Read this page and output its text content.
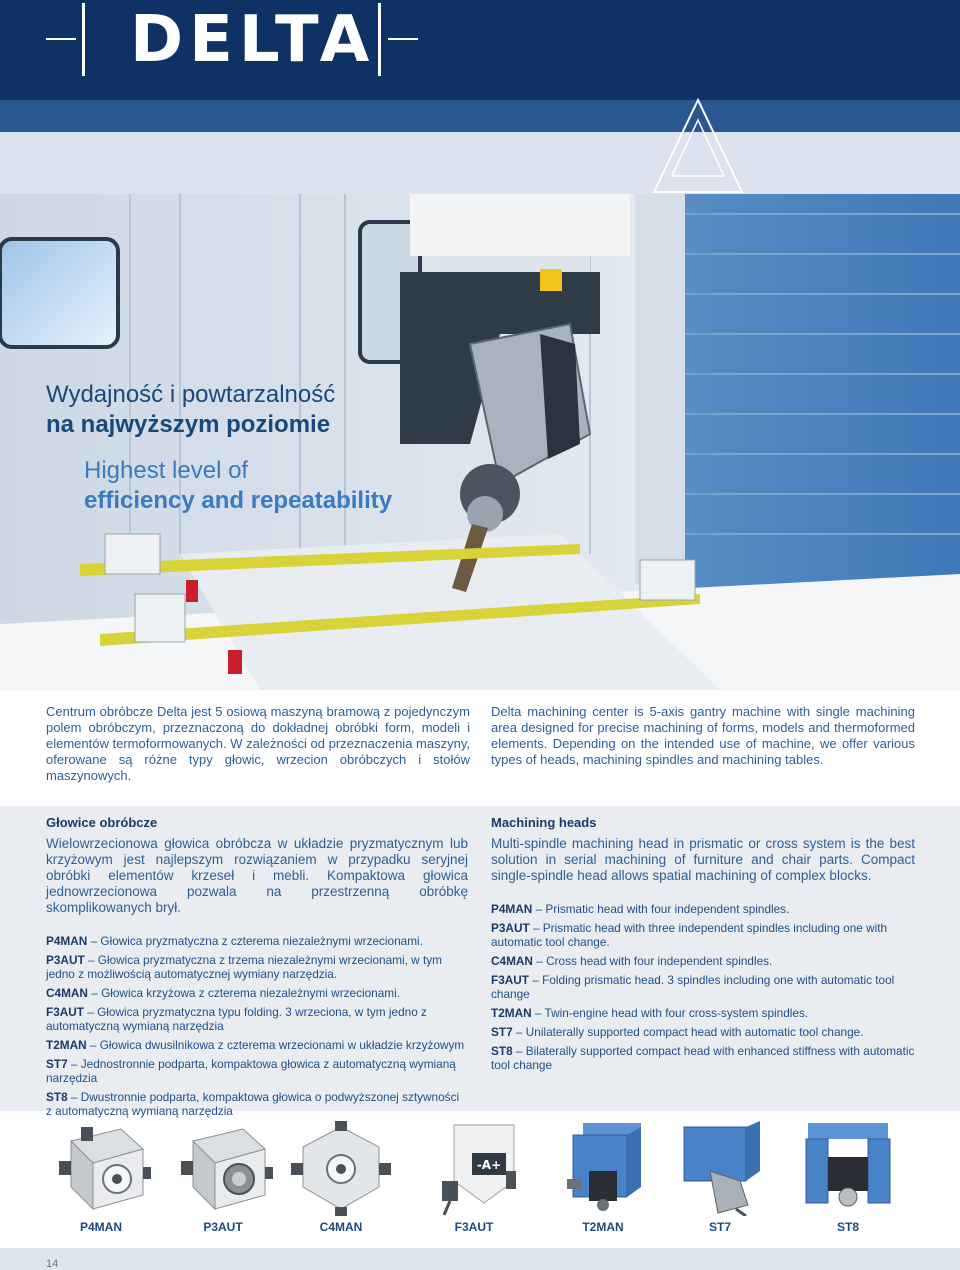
DELTA
Wydajność i powtarzalność
na najwyższym poziomie
Highest level of
efficiency and repeatability
Centrum obróbcze Delta jest 5 osiową maszyną bramową z pojedynczym polem obróbczym, przeznaczoną do dokładnej obróbki form, modeli i elementów termoformowanych. W zależności od przeznaczenia maszyny, oferowane są różne typy głowic, wrzecion obróbczych i stołów maszynowych.
Delta machining center is 5-axis gantry machine with single machining area designed for precise machining of forms, models and thermoformed elements. Depending on the intended use of machine, we offer various types of heads, machining spindles and machining tables.
Głowice obróbcze
Wielowrzecionowa głowica obróbcza w układzie pryzmatycznym lub krzyżowym jest najlepszym rozwiązaniem w przypadku seryjnej obróbki elementów krzeseł i mebli. Kompaktowa głowica jednowrzecionowa pozwala na przestrzenną obróbkę skomplikowanych brył.
P4MAN – Głowica pryzmatyczna z czterema niezależnymi wrzecionami.
P3AUT – Głowica pryzmatyczna z trzema niezależnymi wrzecionami, w tym jedno z możliwością automatycznej wymiany narzędzia.
C4MAN – Głowica krzyżowa z czterema niezależnymi wrzecionami.
F3AUT – Głowica pryzmatyczna typu folding. 3 wrzeciona, w tym jedno z automatyczną wymianą narzędzia
T2MAN – Głowica dwusilnikowa z czterema wrzecionami w układzie krzyżowym
ST7 – Jednostronnie podparta, kompaktowa głowica z automatyczną wymianą narzędzia
ST8 – Dwustronnie podparta, kompaktowa głowica o podwyższonej sztywności z automatyczną wymianą narzędzia
Machining heads
Multi-spindle machining head in prismatic or cross system is the best solution in serial machining of furniture and chair parts. Compact single-spindle head allows spatial machining of complex blocks.
P4MAN – Prismatic head with four independent spindles.
P3AUT – Prismatic head with three independent spindles including one with automatic tool change.
C4MAN – Cross head with four independent spindles.
F3AUT – Folding prismatic head. 3 spindles including one with automatic tool change
T2MAN – Twin-engine head with four cross-system spindles.
ST7 – Unilaterally supported compact head with automatic tool change.
ST8 – Bilaterally supported compact head with enhanced stiffness with automatic tool change
P4MAN	P3AUT	C4MAN
-A+
F3AUT	T2MAN	ST7	ST8
14
